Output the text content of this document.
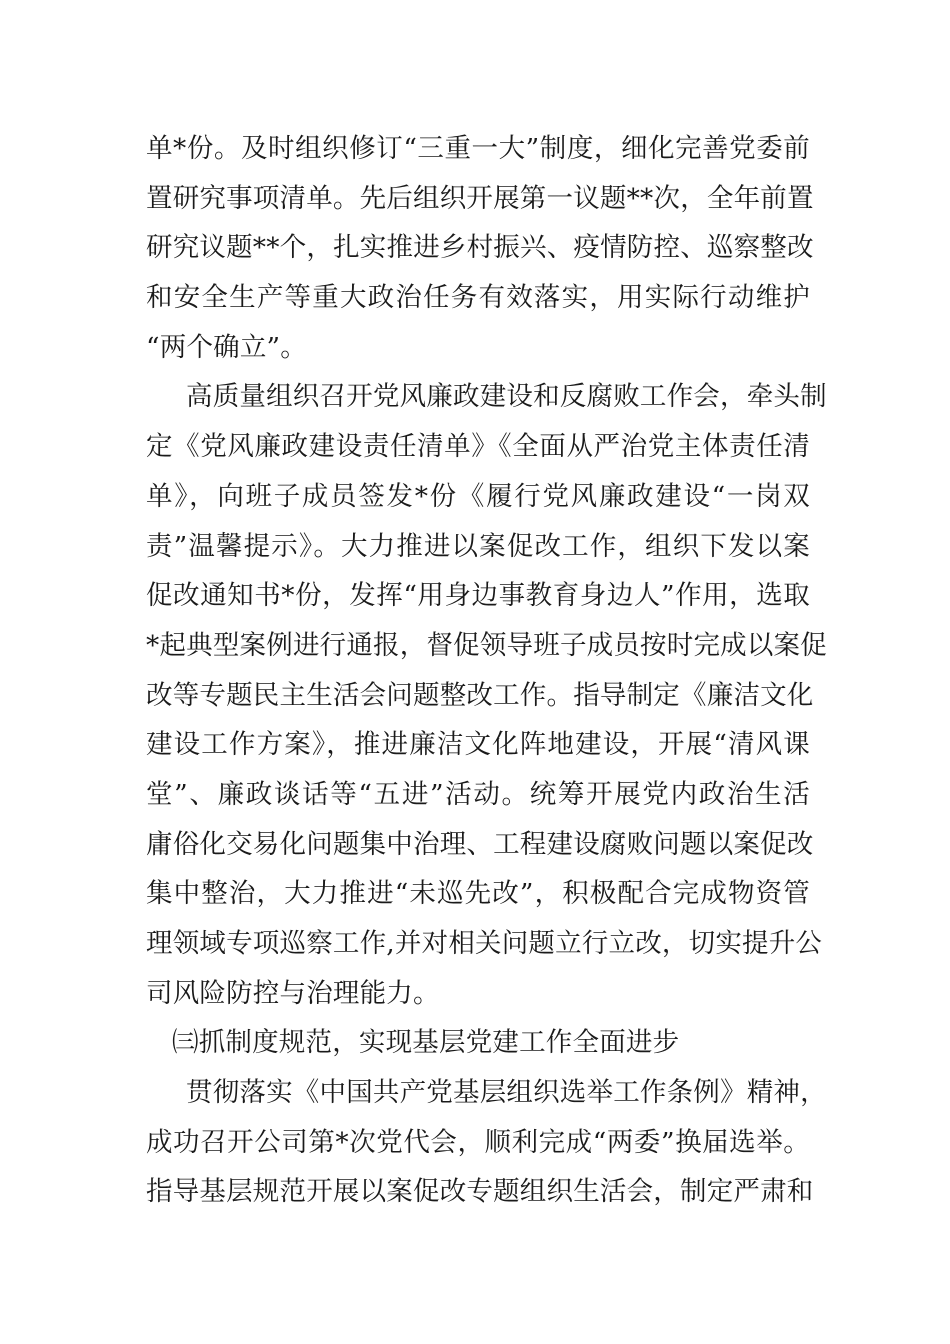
单*份。及时组织修订“三重一大”制度，细化完善党委前
置研究事项清单。先后组织开展第一议题**次，全年前置
研究议题**个，扎实推进乡村振兴、疫情防控、巡察整改
和安全生产等重大政治任务有效落实，用实际行动维护
“两个确立”。
高质量组织召开党风廉政建设和反腐败工作会，牵头制
定《党风廉政建设责任清单》《全面从严治党主体责任清
单》，向班子成员签发*份《履行党风廉政建设“一岗双
责”温馨提示》。大力推进以案促改工作，组织下发以案
促改通知书*份，发挥“用身边事教育身边人”作用，选取
*起典型案例进行通报，督促领导班子成员按时完成以案促
改等专题民主生活会问题整改工作。指导制定《廉洁文化
建设工作方案》，推进廉洁文化阵地建设，开展“清风课
堂”、廉政谈话等“五进”活动。统筹开展党内政治生活
庸俗化交易化问题集中治理、工程建设腐败问题以案促改
集中整治，大力推进“未巡先改”，积极配合完成物资管
理领域专项巡察工作,并对相关问题立行立改，切实提升公
司风险防控与治理能力。
㈢抓制度规范，实现基层党建工作全面进步
贯彻落实《中国共产党基层组织选举工作条例》精神，
成功召开公司第*次党代会，顺利完成“两委”换届选举。
指导基层规范开展以案促改专题组织生活会，制定严肃和
